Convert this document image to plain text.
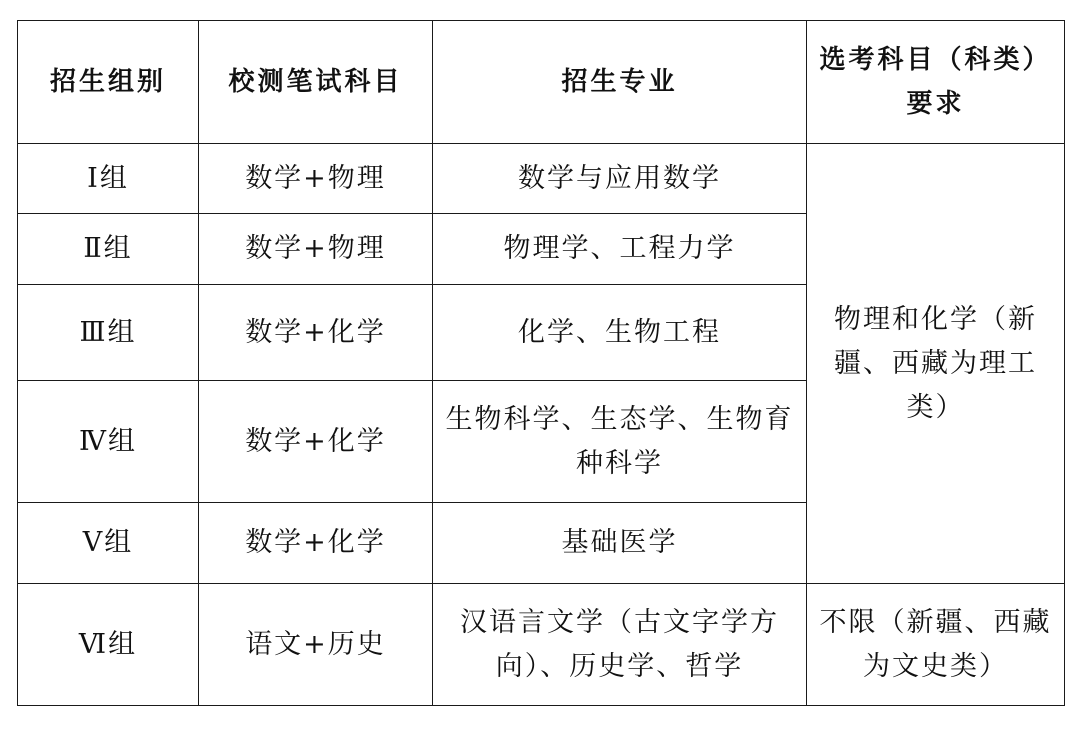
招生组别	校测笔试科目	招生专业	选考科目（科类）要求
Ⅰ组	数学+物理	数学与应用数学	物理和化学（新疆、西藏为理工类）
Ⅱ组	数学+物理	物理学、工程力学	
Ⅲ组	数学+化学	化学、生物工程	
Ⅳ组	数学+化学	生物科学、生态学、生物育种科学	
Ⅴ组	数学+化学	基础医学	
Ⅵ组	语文+历史	汉语言文学（古文字学方向）、历史学、哲学	不限（新疆、西藏为文史类）
